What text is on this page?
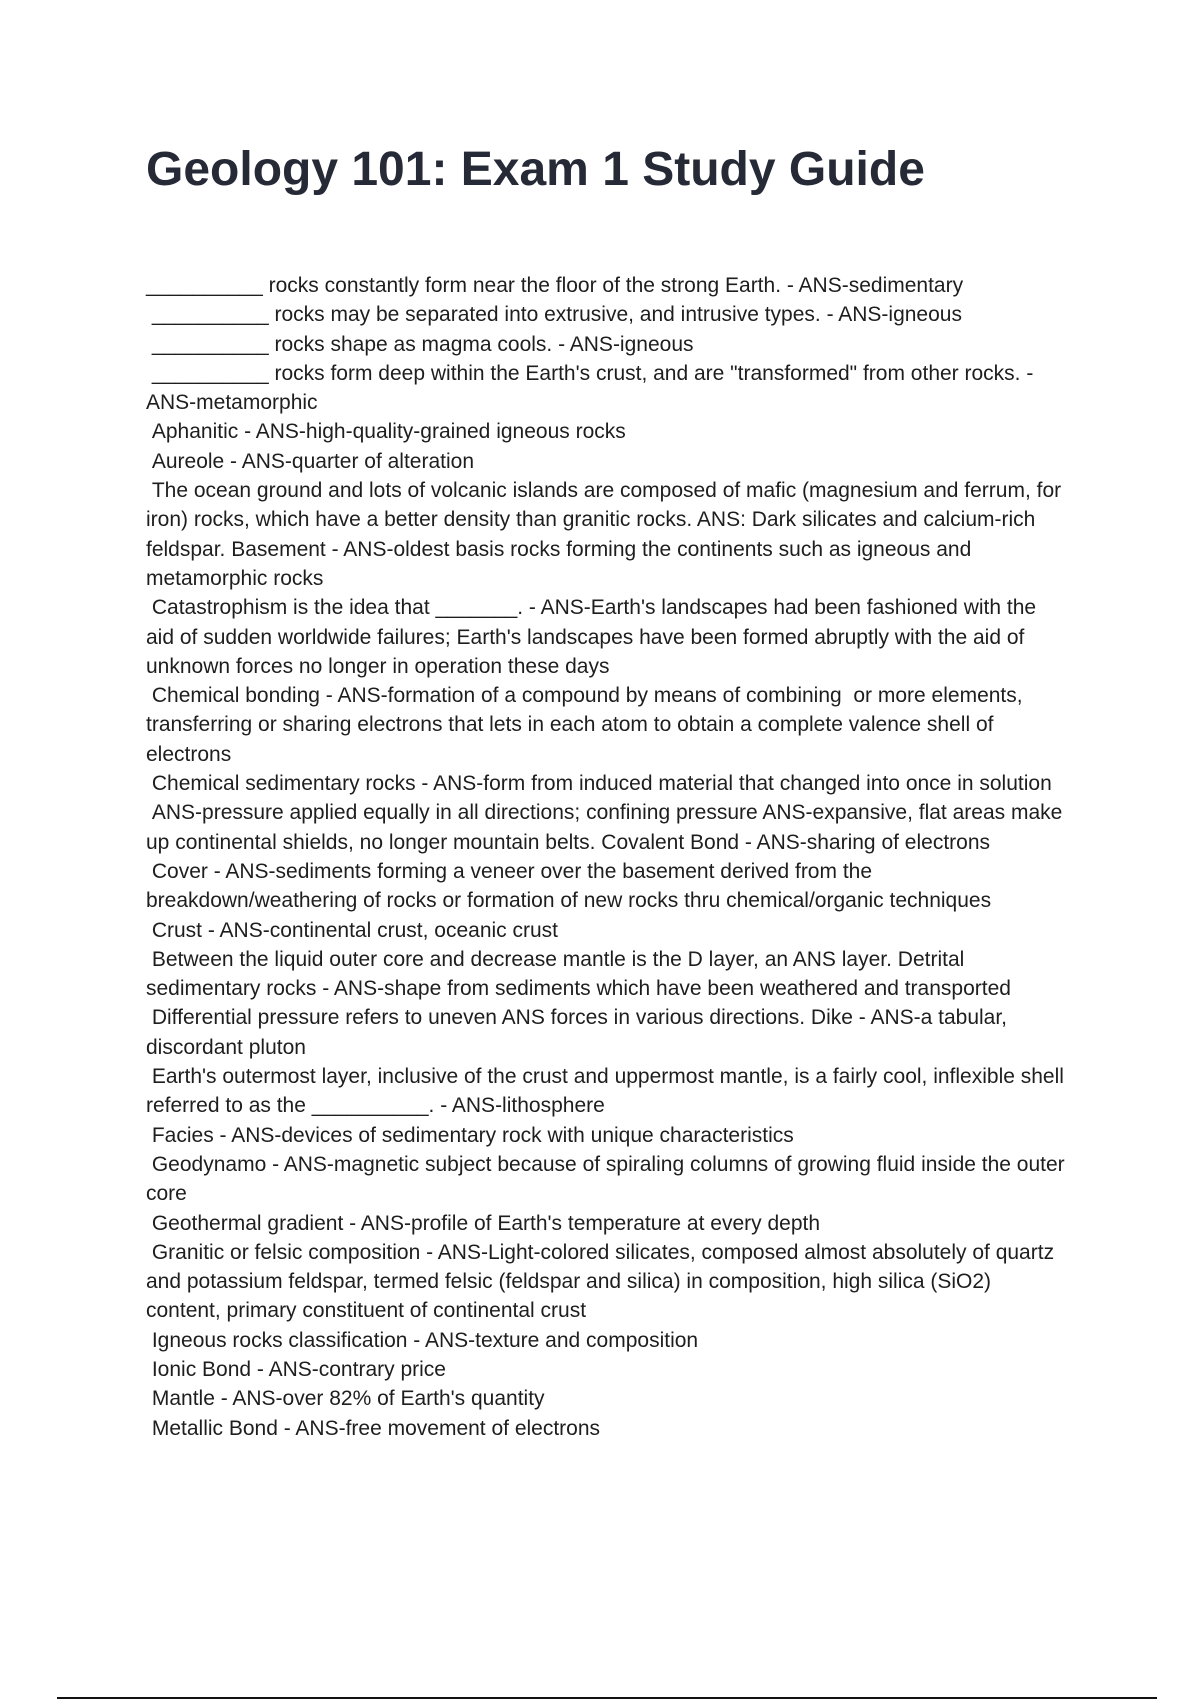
Geology 101: Exam 1 Study Guide

__________ rocks constantly form near the floor of the strong Earth. - ANS-sedimentary

__________ rocks may be separated into extrusive, and intrusive types. - ANS-igneous

__________ rocks shape as magma cools. - ANS-igneous

__________ rocks form deep within the Earth's crust, and are "transformed" from other rocks. - ANS-metamorphic

Aphanitic - ANS-high-quality-grained igneous rocks

Aureole - ANS-quarter of alteration

The ocean ground and lots of volcanic islands are composed of mafic (magnesium and ferrum, for iron) rocks, which have a better density than granitic rocks. ANS: Dark silicates and calcium-rich feldspar. Basement - ANS-oldest basis rocks forming the continents such as igneous and metamorphic rocks

Catastrophism is the idea that _______. - ANS-Earth's landscapes had been fashioned with the aid of sudden worldwide failures; Earth's landscapes have been formed abruptly with the aid of unknown forces no longer in operation these days

Chemical bonding - ANS-formation of a compound by means of combining  or more elements, transferring or sharing electrons that lets in each atom to obtain a complete valence shell of electrons

Chemical sedimentary rocks - ANS-form from induced material that changed into once in solution

ANS-pressure applied equally in all directions; confining pressure ANS-expansive, flat areas make up continental shields, no longer mountain belts. Covalent Bond - ANS-sharing of electrons

Cover - ANS-sediments forming a veneer over the basement derived from the breakdown/weathering of rocks or formation of new rocks thru chemical/organic techniques

Crust - ANS-continental crust, oceanic crust

Between the liquid outer core and decrease mantle is the D layer, an ANS layer. Detrital sedimentary rocks - ANS-shape from sediments which have been weathered and transported

Differential pressure refers to uneven ANS forces in various directions. Dike - ANS-a tabular, discordant pluton

Earth's outermost layer, inclusive of the crust and uppermost mantle, is a fairly cool, inflexible shell referred to as the __________. - ANS-lithosphere

Facies - ANS-devices of sedimentary rock with unique characteristics

Geodynamo - ANS-magnetic subject because of spiraling columns of growing fluid inside the outer core

Geothermal gradient - ANS-profile of Earth's temperature at every depth

Granitic or felsic composition - ANS-Light-colored silicates, composed almost absolutely of quartz and potassium feldspar, termed felsic (feldspar and silica) in composition, high silica (SiO2) content, primary constituent of continental crust

Igneous rocks classification - ANS-texture and composition

Ionic Bond - ANS-contrary price

Mantle - ANS-over 82% of Earth's quantity

Metallic Bond - ANS-free movement of electrons
